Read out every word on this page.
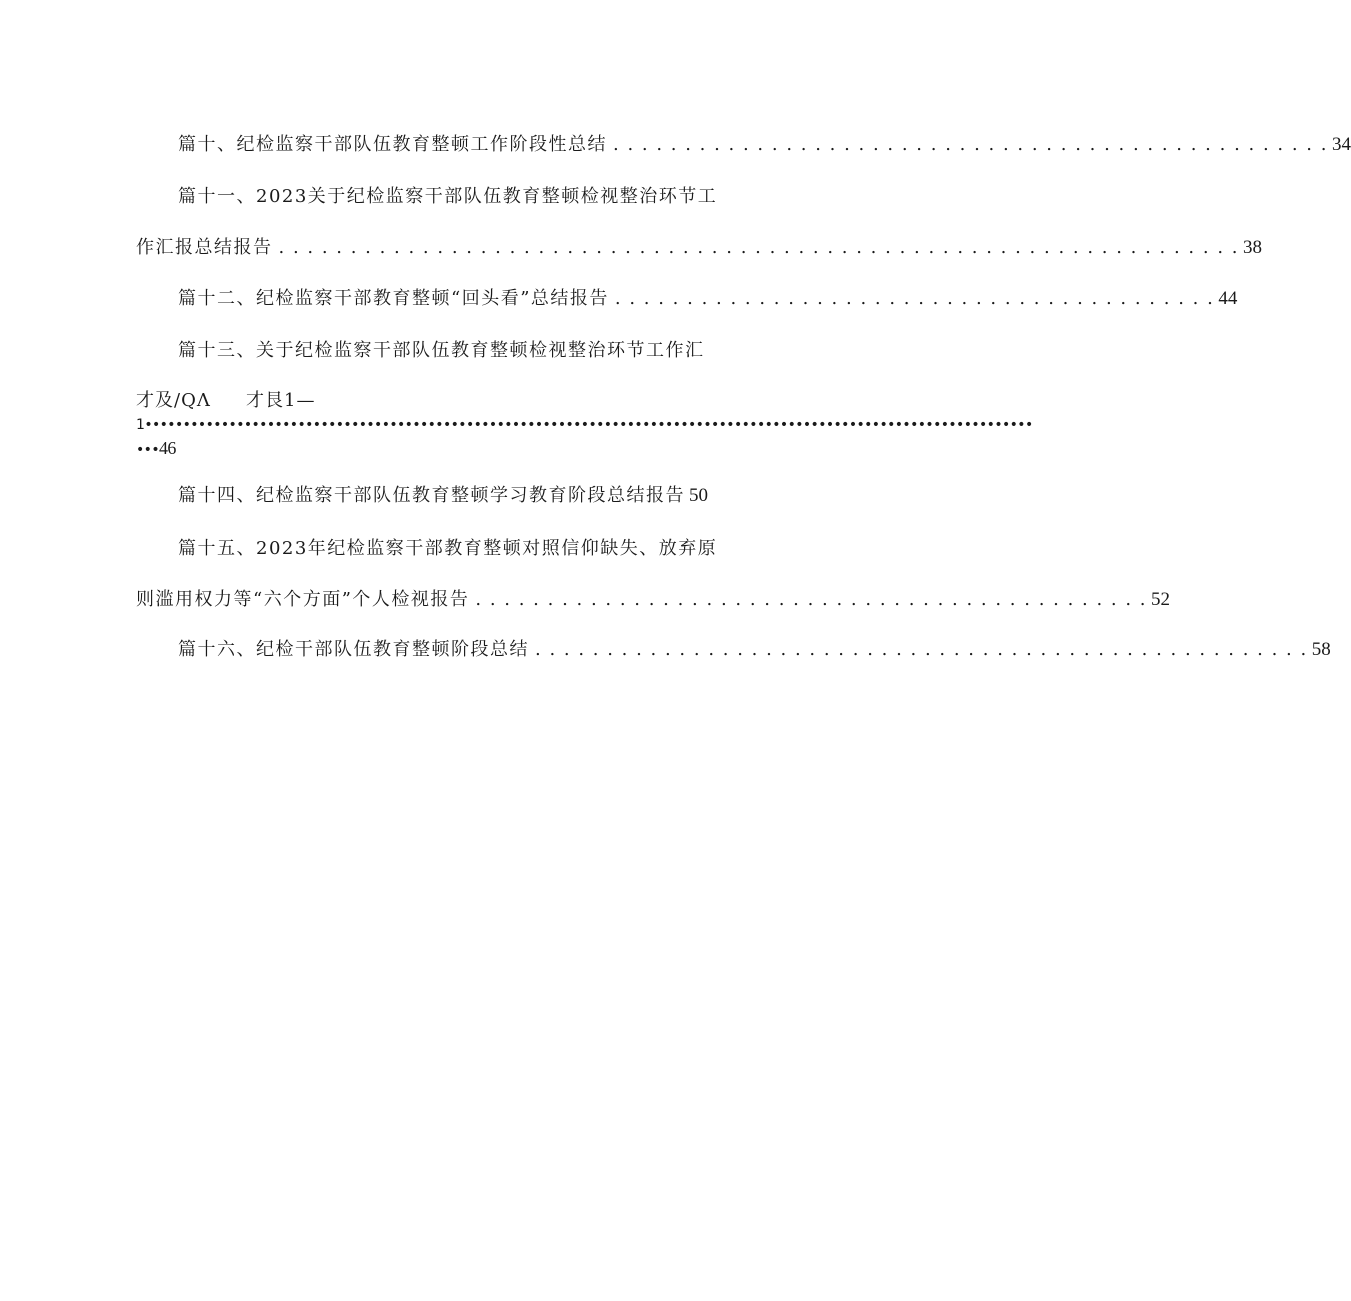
篇十、纪检监察干部队伍教育整顿工作阶段性总结 . . . . . . . . . . . . . . . . . . . . . . . . . . . . . . . . . . . . . . . . . . . . . . . . . . 34
篇十一、2023关于纪检监察干部队伍教育整顿检视整治环节工
作汇报总结报告 . . . . . . . . . . . . . . . . . . . . . . . . . . . . . . . . . . . . . . . . . . . . . . . . . . . . . . . . . . . . . . . . . . . 38
篇十二、纪检监察干部教育整顿“回头看”总结报告 . . . . . . . . . . . . . . . . . . . . . . . . . . . . . . . . . . . . . . . . . . 44
篇十三、关于纪检监察干部队伍教育整顿检视整治环节工作汇
才及/QΛ 才艮1—
1••••••••••••••••••••••••••••••••••••••••••••••••••••••••••••••••••••••••••••••••••••••••••••••••••••••••••••••••••••
•••46
篇十四、纪检监察干部队伍教育整顿学习教育阶段总结报告 50
篇十五、2023年纪检监察干部教育整顿对照信仰缺失、放弃原
则滥用权力等“六个方面”个人检视报告 . . . . . . . . . . . . . . . . . . . . . . . . . . . . . . . . . . . . . . . . . . . . . . . 52
篇十六、纪检干部队伍教育整顿阶段总结 . . . . . . . . . . . . . . . . . . . . . . . . . . . . . . . . . . . . . . . . . . . . . . . . . . . . . . 58
